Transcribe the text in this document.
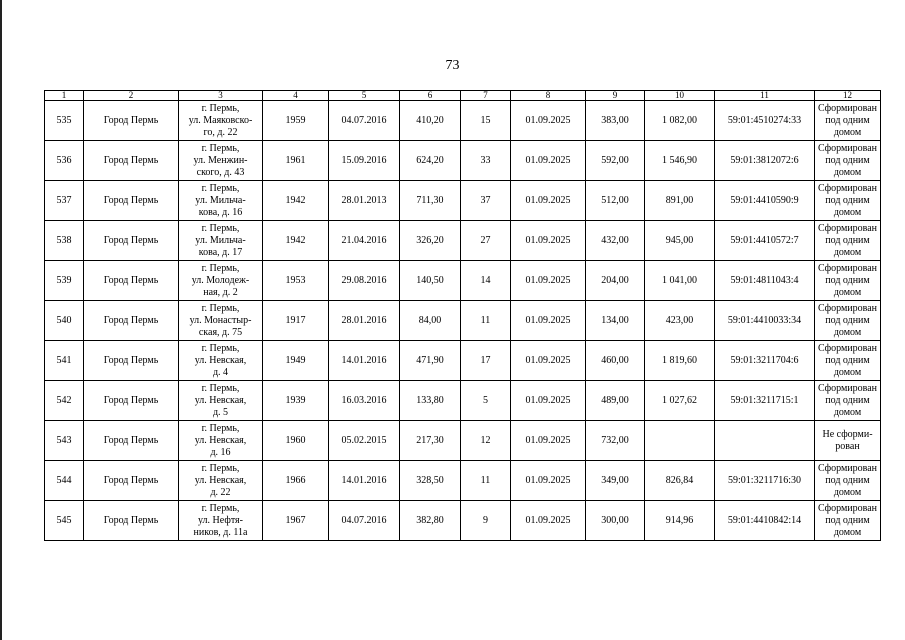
73
1	2	3	4	5	6	7	8	9	10	11	12
535	Город Пермь	г. Пермь,
ул. Маяковско-
го, д. 22	1959	04.07.2016	410,20	15	01.09.2025	383,00	1 082,00	59:01:4510274:33	Сформирован
под одним
домом
536	Город Пермь	г. Пермь,
ул. Менжин-
ского, д. 43	1961	15.09.2016	624,20	33	01.09.2025	592,00	1 546,90	59:01:3812072:6	Сформирован
под одним
домом
537	Город Пермь	г. Пермь,
ул. Мильча-
кова, д. 16	1942	28.01.2013	711,30	37	01.09.2025	512,00	891,00	59:01:4410590:9	Сформирован
под одним
домом
538	Город Пермь	г. Пермь,
ул. Мильча-
кова, д. 17	1942	21.04.2016	326,20	27	01.09.2025	432,00	945,00	59:01:4410572:7	Сформирован
под одним
домом
539	Город Пермь	г. Пермь,
ул. Молодеж-
ная, д. 2	1953	29.08.2016	140,50	14	01.09.2025	204,00	1 041,00	59:01:4811043:4	Сформирован
под одним
домом
540	Город Пермь	г. Пермь,
ул. Монастыр-
ская, д. 75	1917	28.01.2016	84,00	11	01.09.2025	134,00	423,00	59:01:4410033:34	Сформирован
под одним
домом
541	Город Пермь	г. Пермь,
ул. Невская,
д. 4	1949	14.01.2016	471,90	17	01.09.2025	460,00	1 819,60	59:01:3211704:6	Сформирован
под одним
домом
542	Город Пермь	г. Пермь,
ул. Невская,
д. 5	1939	16.03.2016	133,80	5	01.09.2025	489,00	1 027,62	59:01:3211715:1	Сформирован
под одним
домом
543	Город Пермь	г. Пермь,
ул. Невская,
д. 16	1960	05.02.2015	217,30	12	01.09.2025	732,00			Не сформи-
рован
544	Город Пермь	г. Пермь,
ул. Невская,
д. 22	1966	14.01.2016	328,50	11	01.09.2025	349,00	826,84	59:01:3211716:30	Сформирован
под одним
домом
545	Город Пермь	г. Пермь,
ул. Нефтя-
ников, д. 11а	1967	04.07.2016	382,80	9	01.09.2025	300,00	914,96	59:01:4410842:14	Сформирован
под одним
домом
